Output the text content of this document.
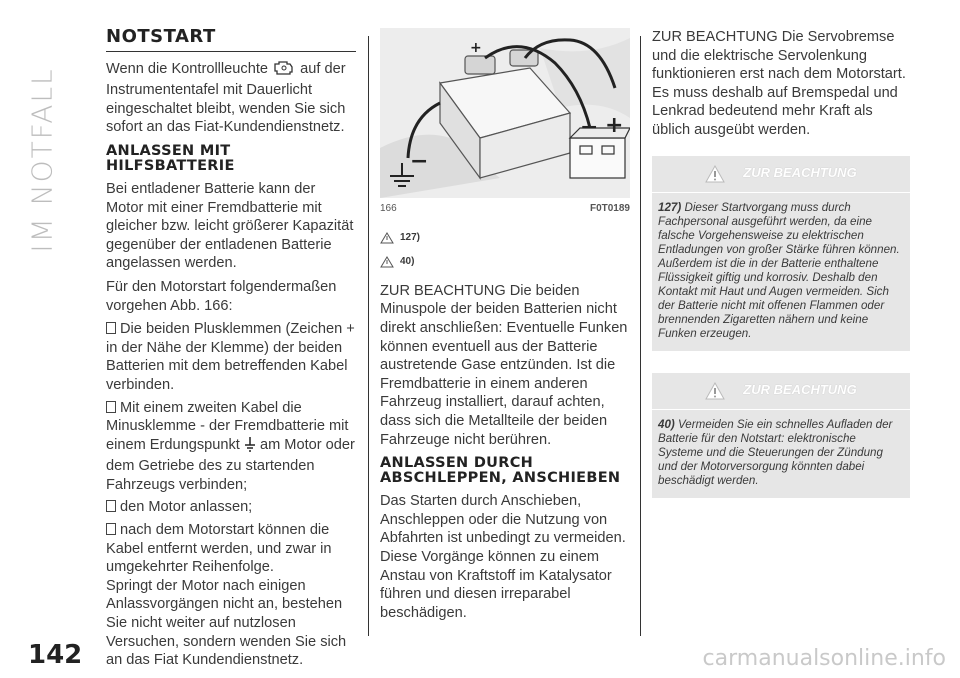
IM NOTFALL
142	carmanualsonline.info
NOTSTART

Wenn die Kontrollleuchte auf der Instrumententafel mit Dauerlicht eingeschaltet bleibt, wenden Sie sich sofort an das Fiat-Kundendienstnetz.

ANLASSEN MIT HILFSBATTERIE

Bei entladener Batterie kann der Motor mit einer Fremdbatterie mit gleicher bzw. leicht größerer Kapazität gegenüber der entladenen Batterie angelassen werden.

Für den Motorstart folgendermaßen vorgehen Abb. 166:

Die beiden Plusklemmen (Zeichen + in der Nähe der Klemme) der beiden Batterien mit dem betreffenden Kabel verbinden.

Mit einem zweiten Kabel die Minusklemme - der Fremdbatterie mit einem Erdungspunkt am Motor oder dem Getriebe des zu startenden Fahrzeugs verbinden;

den Motor anlassen;

nach dem Motorstart können die Kabel entfernt werden, und zwar in umgekehrter Reihenfolge.

Springt der Motor nach einigen Anlassvorgängen nicht an, bestehen Sie nicht weiter auf nutzlosen Versuchen, sondern wenden Sie sich an das Fiat Kundendienstnetz.

+
+
−
−
166	F0T0189
127)
40)

ZUR BEACHTUNG Die beiden Minuspole der beiden Batterien nicht direkt anschließen: Eventuelle Funken können eventuell aus der Batterie austretende Gase entzünden. Ist die Fremdbatterie in einem anderen Fahrzeug installiert, darauf achten, dass sich die Metallteile der beiden Fahrzeuge nicht berühren.

ANLASSEN DURCH ABSCHLEPPEN, ANSCHIEBEN

Das Starten durch Anschieben, Anschleppen oder die Nutzung von Abfahrten ist unbedingt zu vermeiden. Diese Vorgänge können zu einem Anstau von Kraftstoff im Katalysator führen und diesen irreparabel beschädigen.

ZUR BEACHTUNG Die Servobremse und die elektrische Servolenkung funktionieren erst nach dem Motorstart. Es muss deshalb auf Bremspedal und Lenkrad bedeutend mehr Kraft als üblich ausgeübt werden.

ZUR BEACHTUNG
127) Dieser Startvorgang muss durch Fachpersonal ausgeführt werden, da eine falsche Vorgehensweise zu elektrischen Entladungen von großer Stärke führen können. Außerdem ist die in der Batterie enthaltene Flüssigkeit giftig und korrosiv. Deshalb den Kontakt mit Haut und Augen vermeiden. Sich der Batterie nicht mit offenen Flammen oder brennenden Zigaretten nähern und keine Funken erzeugen.
ZUR BEACHTUNG
40) Vermeiden Sie ein schnelles Aufladen der Batterie für den Notstart: elektronische Systeme und die Steuerungen der Zündung und der Motorversorgung könnten dabei beschädigt werden.
